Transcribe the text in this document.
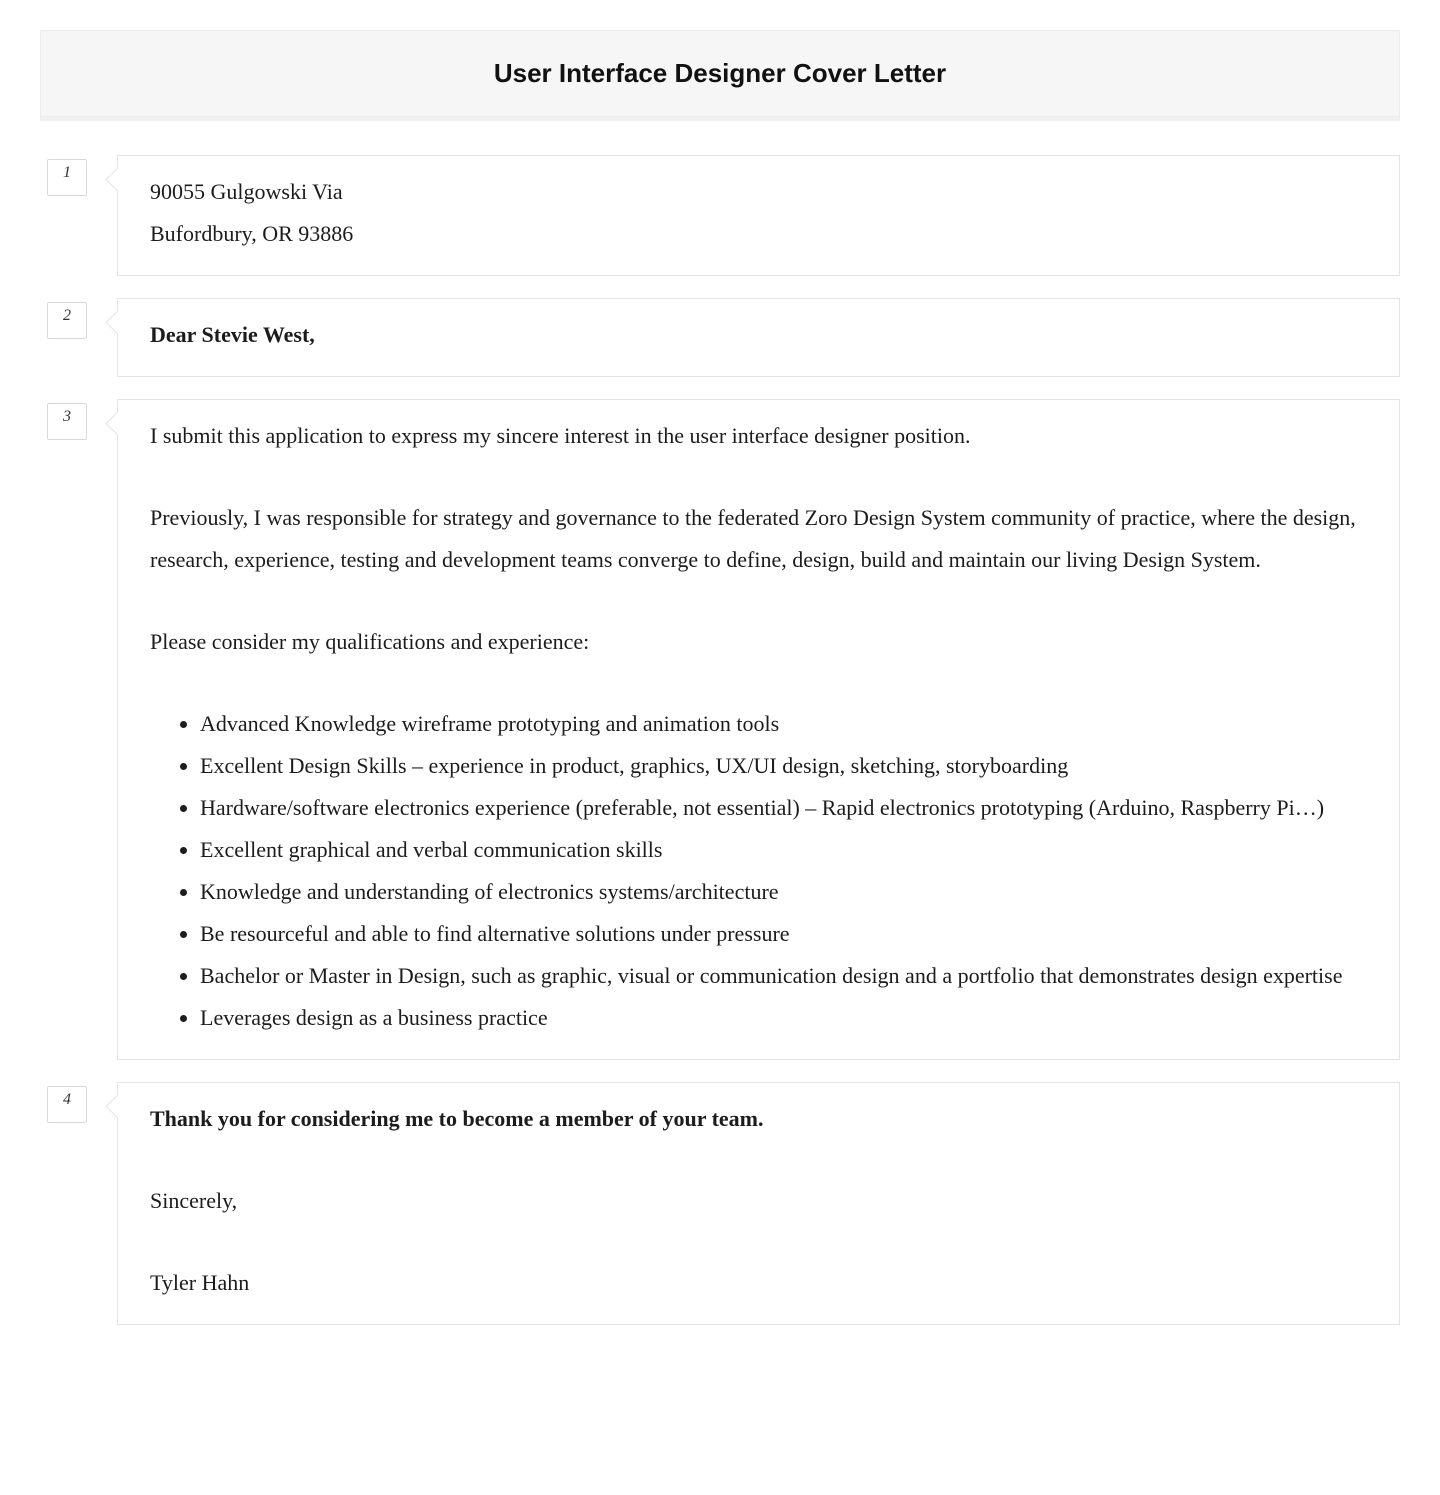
User Interface Designer Cover Letter
1
90055 Gulgowski Via
Bufordbury, OR 93886
2
Dear Stevie West,
3

I submit this application to express my sincere interest in the user interface designer position.

Previously, I was responsible for strategy and governance to the federated Zoro Design System community of practice, where the design, research, experience, testing and development teams converge to define, design, build and maintain our living Design System.

Please consider my qualifications and experience:

• Advanced Knowledge wireframe prototyping and animation tools
• Excellent Design Skills – experience in product, graphics, UX/UI design, sketching, storyboarding
• Hardware/software electronics experience (preferable, not essential) – Rapid electronics prototyping (Arduino, Raspberry Pi…)
• Excellent graphical and verbal communication skills
• Knowledge and understanding of electronics systems/architecture
• Be resourceful and able to find alternative solutions under pressure
• Bachelor or Master in Design, such as graphic, visual or communication design and a portfolio that demonstrates design expertise
• Leverages design as a business practice
4

Thank you for considering me to become a member of your team.

Sincerely,

Tyler Hahn
